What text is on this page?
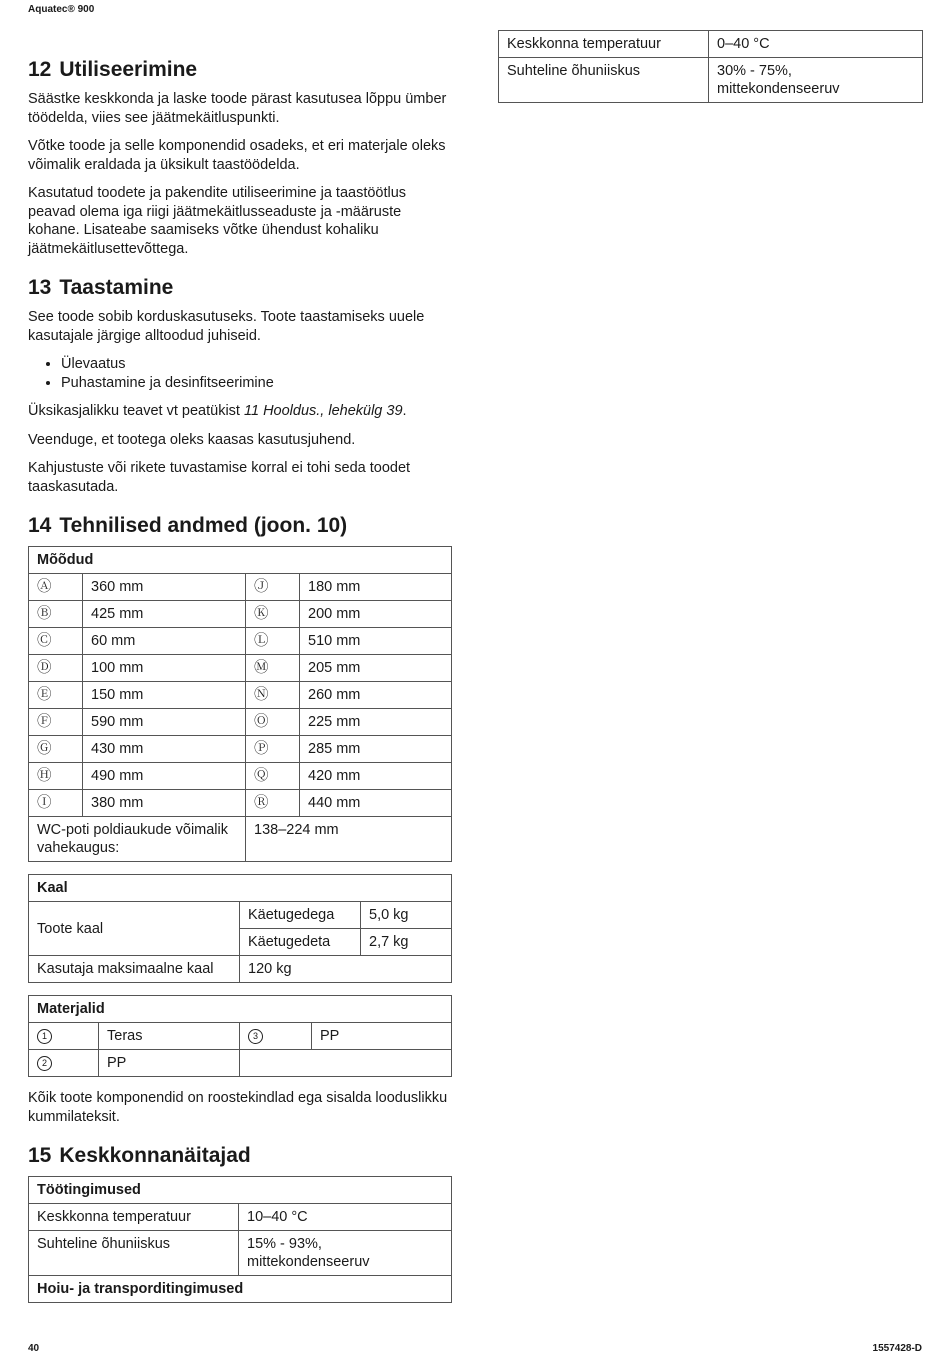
Aquatec® 900
Keskkonna temperatuur	0–40 °C
Suhteline õhuniiskus	30% - 75%, mittekondenseeruv
12 Utiliseerimine

Säästke keskkonda ja laske toode pärast kasutusea lõppu ümber töödelda, viies see jäätmekäitluspunkti.

Võtke toode ja selle komponendid osadeks, et eri materjale oleks võimalik eraldada ja üksikult taastöödelda.

Kasutatud toodete ja pakendite utiliseerimine ja taastöötlus peavad olema iga riigi jäätmekäitlusseaduste ja -määruste kohane. Lisateabe saamiseks võtke ühendust kohaliku jäätmekäitlusettevõttega.

13 Taastamine

See toode sobib korduskasutuseks. Toote taastamiseks uuele kasutajale järgige alltoodud juhiseid.

• Ülevaatus
• Puhastamine ja desinfitseerimine

Üksikasjalikku teavet vt peatükist 11 Hooldus., lehekülg 39.

Veenduge, et tootega oleks kaasas kasutusjuhend.

Kahjustuste või rikete tuvastamise korral ei tohi seda toodet taaskasutada.

14 Tehnilised andmed (joon. 10)
Mõõdud			
Ⓐ	360 mm	Ⓙ	180 mm
Ⓑ	425 mm	Ⓚ	200 mm
Ⓒ	60 mm	Ⓛ	510 mm
Ⓓ	100 mm	Ⓜ	205 mm
Ⓔ	150 mm	Ⓝ	260 mm
Ⓕ	590 mm	Ⓞ	225 mm
Ⓖ	430 mm	Ⓟ	285 mm
Ⓗ	490 mm	Ⓠ	420 mm
Ⓘ	380 mm	Ⓡ	440 mm
WC-poti poldiaukude võimalik vahekaugus:		138–224 mm	
Kaal		
Toote kaal	Käetugedega	5,0 kg
	Käetugedeta	2,7 kg
Kasutaja maksimaalne kaal	120 kg	
Materjalid			
1	Teras	3	PP
2	PP		

Kõik toote komponendid on roostekindlad ega sisalda looduslikku kummilateksit.

15 Keskkonnanäitajad
Töötingimused	
Keskkonna temperatuur	10–40 °C
Suhteline õhuniiskus	15% - 93%, mittekondenseeruv
Hoiu- ja transporditingimused	
40	1557428-D
